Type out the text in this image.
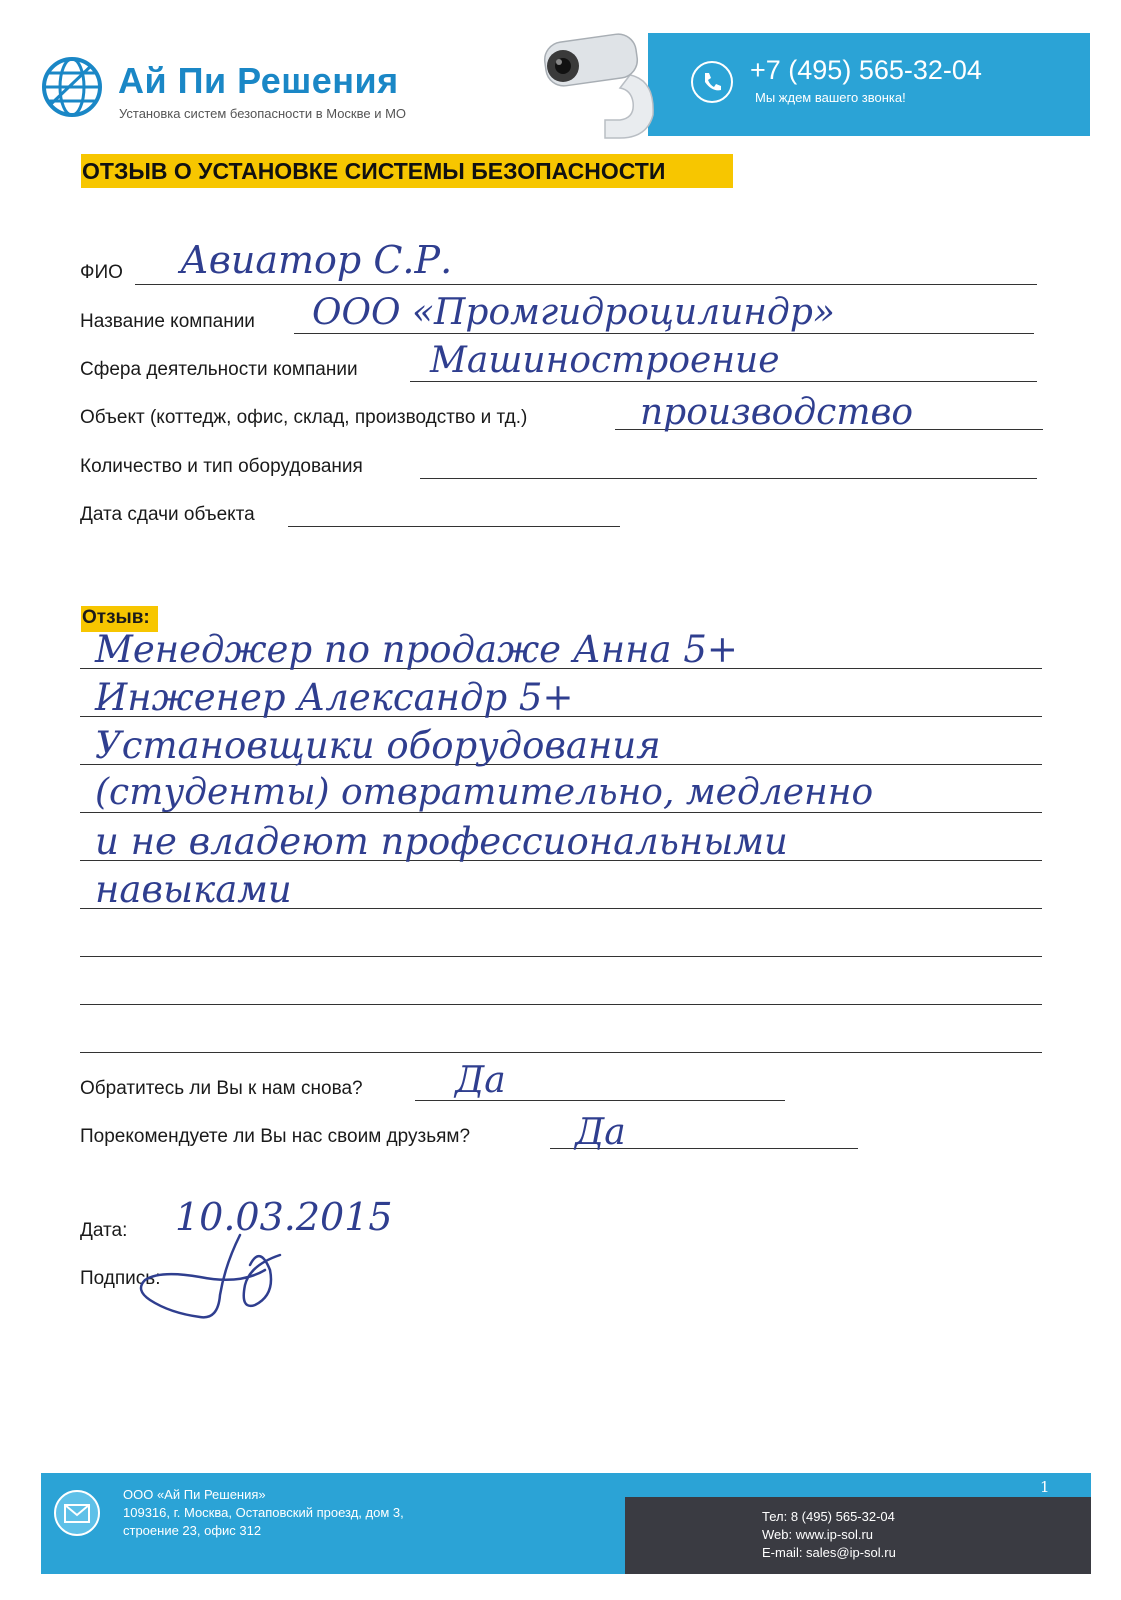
Ай Пи Решения
Установка систем безопасности в Москве и МО
+7 (495) 565-32-04
Мы ждем вашего звонка!
ОТЗЫВ О УСТАНОВКЕ СИСТЕМЫ БЕЗОПАСНОСТИ
ФИО Авиатор С.Р.
Название компании ООО «Промгидроцилиндр»
Сфера деятельности компании Машиностроение
Объект (коттедж, офис, склад, производство и тд.)	производство
Количество и тип оборудования
Дата сдачи объекта
Отзыв:
Менеджер по продаже Анна 5+
Инженер Александр 5+
Установщики оборудования
(студенты) отвратительно, медленно
и не владеют профессиональными
навыками
Обратитесь ли Вы к нам снова?	Да
Порекомендуете ли Вы нас своим друзьям?	Да
Дата: 10.03.2015
Подпись:
ООО «Ай Пи Решения»
109316, г. Москва, Остаповский проезд, дом 3,
строение 23, офис 312
Тел: 8 (495) 565-32-04
Web: www.ip-sol.ru
E-mail: sales@ip-sol.ru
1
